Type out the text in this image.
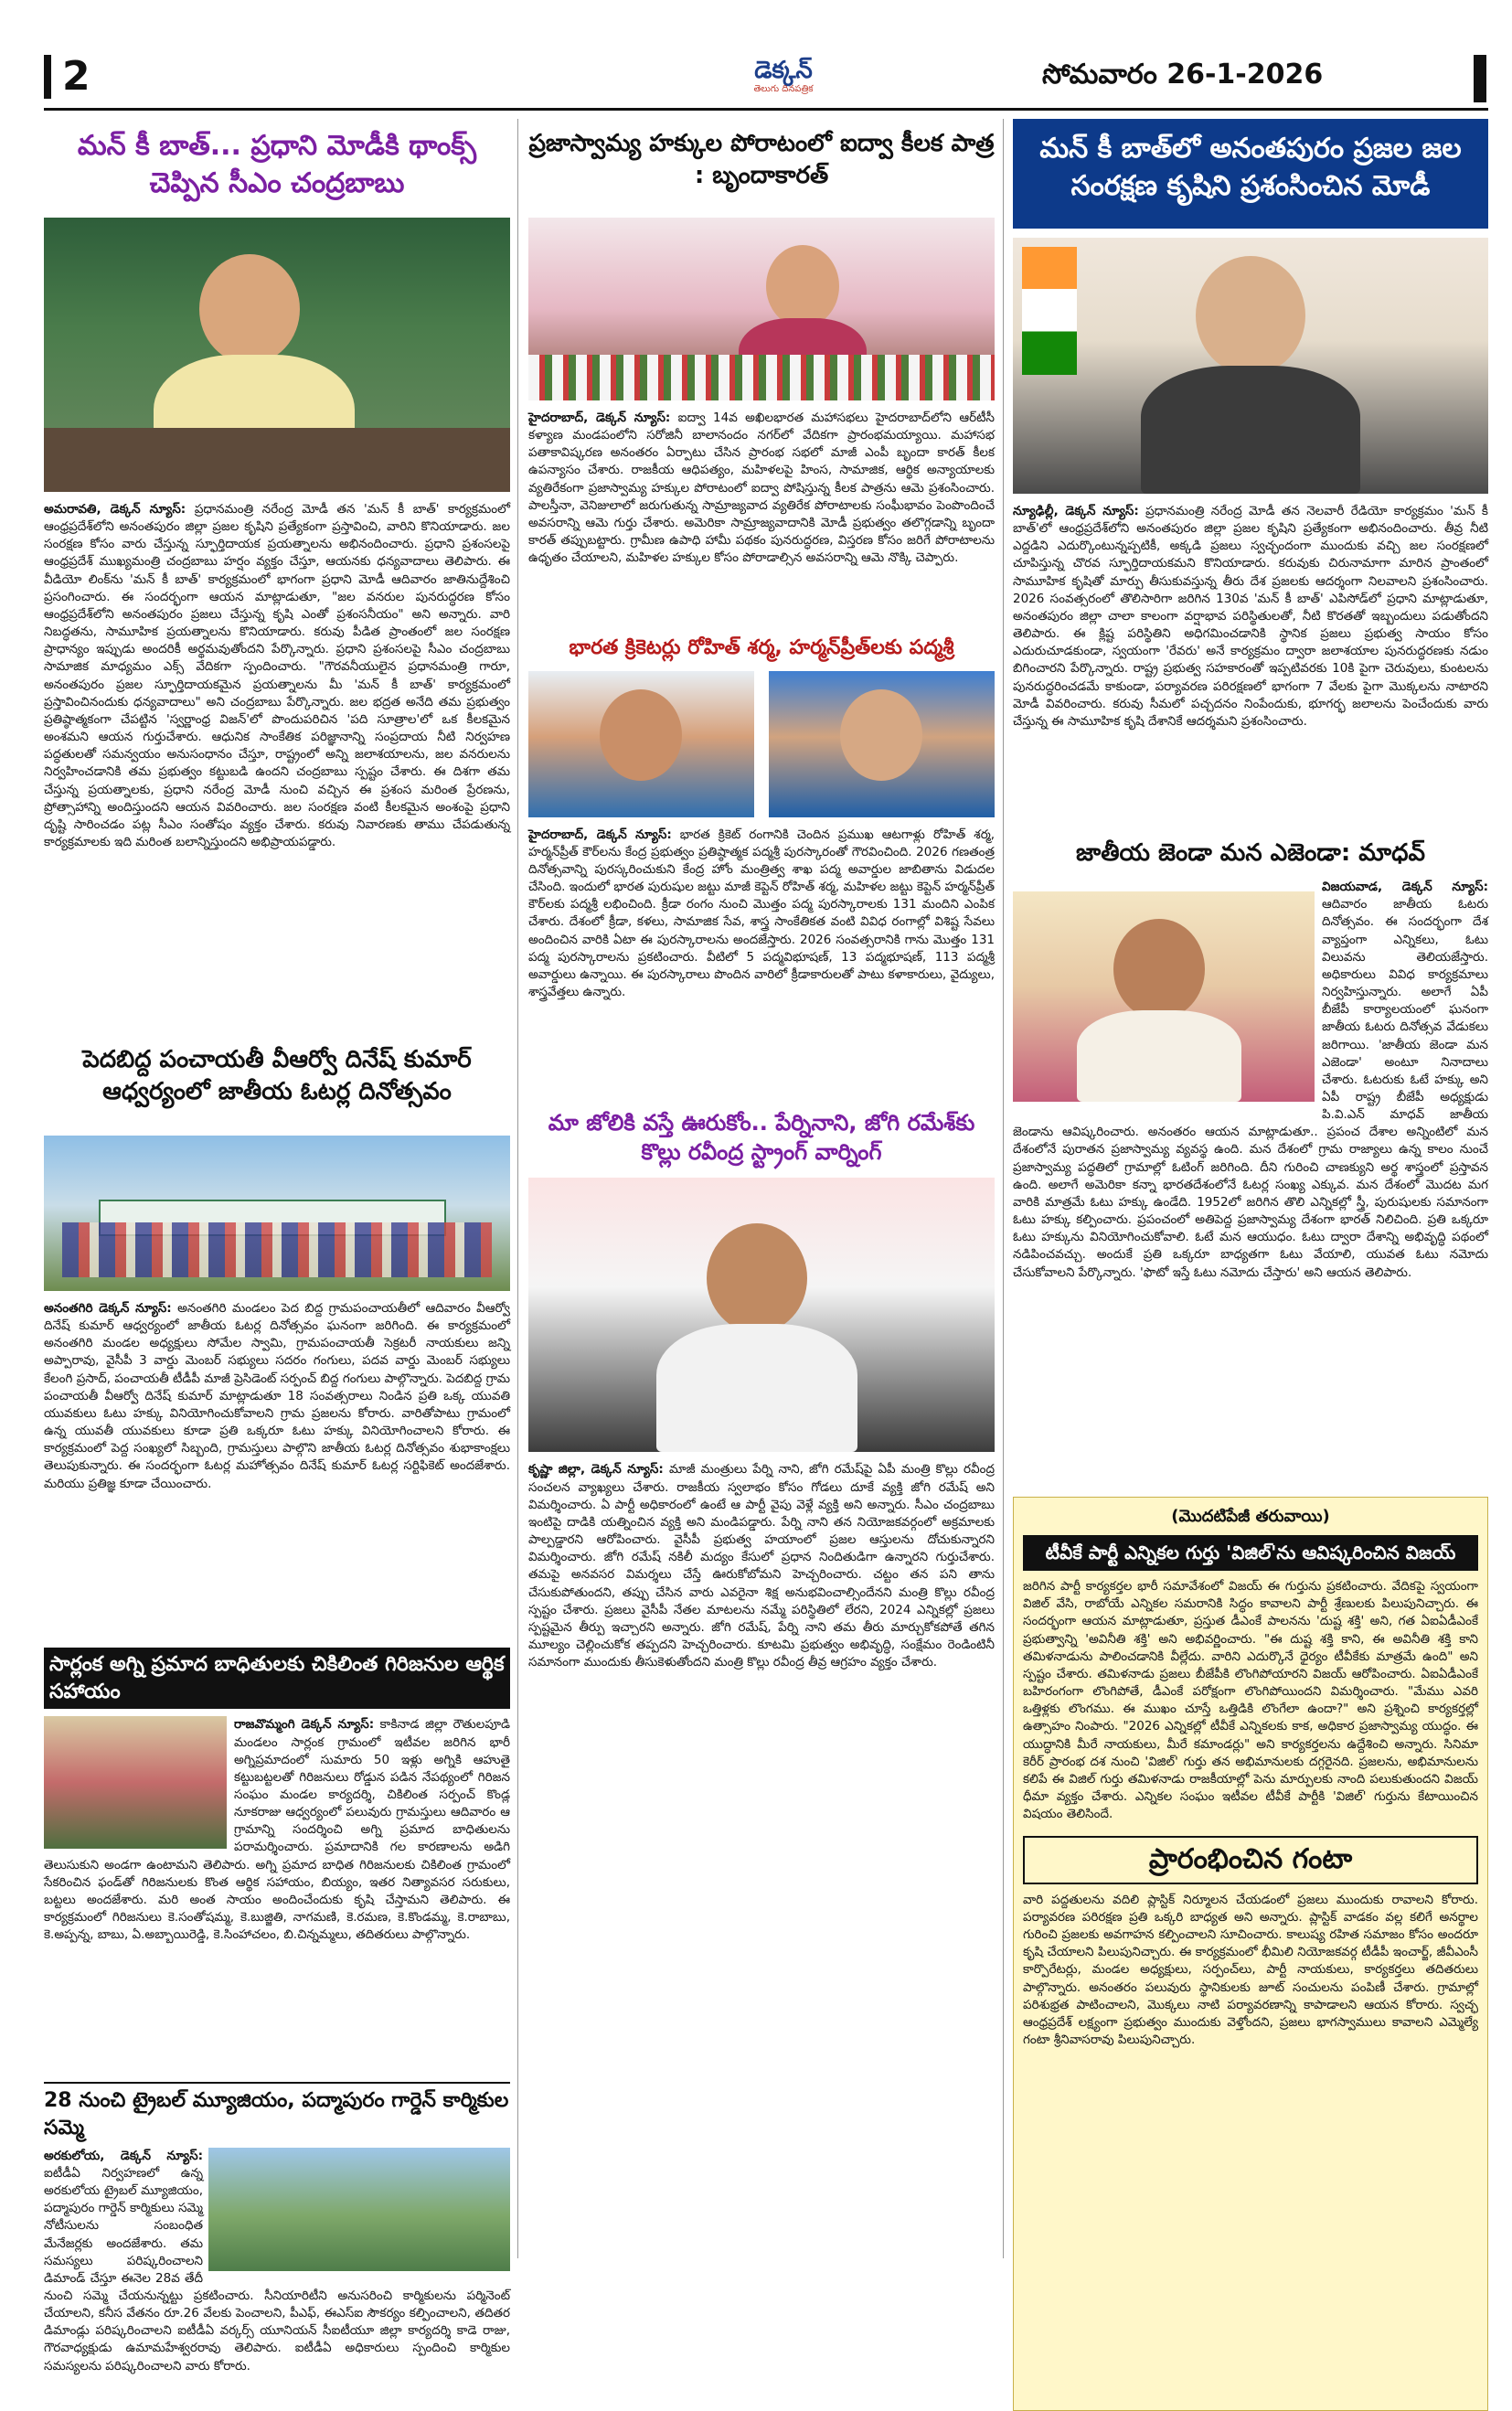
2	డెక్కన్
తెలుగు దినపత్రిక	సోమవారం 26-1-2026
మన్ కీ బాత్... ప్రధాని మోడీకి థాంక్స్ చెప్పిన సీఎం చంద్రబాబు
అమరావతి, డెక్కన్ న్యూస్: ప్రధానమంత్రి నరేంద్ర మోడీ తన 'మన్ కీ బాత్' కార్యక్రమంలో ఆంధ్రప్రదేశ్‌లోని అనంతపురం జిల్లా ప్రజల కృషిని ప్రత్యేకంగా ప్రస్తావించి, వారిని కొనియాడారు. జల సంరక్షణ కోసం వారు చేస్తున్న స్ఫూర్తిదాయక ప్రయత్నాలను అభినందించారు. ప్రధాని ప్రశంసలపై ఆంధ్రప్రదేశ్ ముఖ్యమంత్రి చంద్రబాబు హర్షం వ్యక్తం చేస్తూ, ఆయనకు ధన్యవాదాలు తెలిపారు. ఈ వీడియో లింక్‌ను 'మన్ కీ బాత్' కార్యక్రమంలో భాగంగా ప్రధాని మోడీ ఆదివారం జాతినుద్దేశించి ప్రసంగించారు. ఈ సందర్భంగా ఆయన మాట్లాడుతూ, "జల వనరుల పునరుద్ధరణ కోసం ఆంధ్రప్రదేశ్‌లోని అనంతపురం ప్రజలు చేస్తున్న కృషి ఎంతో ప్రశంసనీయం" అని అన్నారు. వారి నిబద్ధతను, సామూహిక ప్రయత్నాలను కొనియాడారు. కరువు పీడిత ప్రాంతంలో జల సంరక్షణ ప్రాధాన్యం ఇప్పుడు అందరికీ అర్థమవుతోందని పేర్కొన్నారు. ప్రధాని ప్రశంసలపై సీఎం చంద్రబాబు సామాజిక మాధ్యమం ఎక్స్ వేదికగా స్పందించారు. "గౌరవనీయులైన ప్రధానమంత్రి గారూ, అనంతపురం ప్రజల స్ఫూర్తిదాయకమైన ప్రయత్నాలను మీ 'మన్ కీ బాత్' కార్యక్రమంలో ప్రస్తావించినందుకు ధన్యవాదాలు" అని చంద్రబాబు పేర్కొన్నారు. జల భద్రత అనేది తమ ప్రభుత్వం ప్రతిష్ఠాత్మకంగా చేపట్టిన 'స్వర్ణాంధ్ర విజన్'లో పొందుపరిచిన 'పది సూత్రాల'లో ఒక కీలకమైన అంశమని ఆయన గుర్తుచేశారు. ఆధునిక సాంకేతిక పరిజ్ఞానాన్ని సంప్రదాయ నీటి నిర్వహణ పద్ధతులతో సమన్వయం అనుసంధానం చేస్తూ, రాష్ట్రంలో అన్ని జలాశయాలను, జల వనరులను నిర్వహించడానికి తమ ప్రభుత్వం కట్టుబడి ఉందని చంద్రబాబు స్పష్టం చేశారు. ఈ దిశగా తమ చేస్తున్న ప్రయత్నాలకు, ప్రధాని నరేంద్ర మోడీ నుంచి వచ్చిన ఈ ప్రశంస మరింత ప్రేరణను, ప్రోత్సాహాన్ని అందిస్తుందని ఆయన వివరించారు. జల సంరక్షణ వంటి కీలకమైన అంశంపై ప్రధాని దృష్టి సారించడం పట్ల సీఎం సంతోషం వ్యక్తం చేశారు. కరువు నివారణకు తాము చేపడుతున్న కార్యక్రమాలకు ఇది మరింత బలాన్నిస్తుందని అభిప్రాయపడ్డారు.
పెదబిద్ద పంచాయతీ వీఆర్వో దినేష్ కుమార్ ఆధ్వర్యంలో జాతీయ ఓటర్ల దినోత్సవం
అనంతగిరి డెక్కన్ న్యూస్: అనంతగిరి మండలం పెద బిద్ద గ్రామపంచాయతీలో ఆదివారం వీఆర్వో దినేష్ కుమార్ ఆధ్వర్యంలో జాతీయ ఓటర్ల దినోత్సవం ఘనంగా జరిగింది. ఈ కార్యక్రమంలో అనంతగిరి మండల అధ్యక్షులు సోమేల స్వామి, గ్రామపంచాయతీ సెక్రటరీ నాయకులు జన్ని అప్పారావు, వైసీపీ 3 వార్డు మెంబర్ సభ్యులు సదరం గంగులు, పదవ వార్డు మెంబర్ సభ్యులు కేలంగి ప్రసాద్, పంచాయతీ టీడీపీ మాజీ ప్రెసిడెంట్ సర్పంచ్ బిద్ద గంగులు పాల్గొన్నారు. పెదబిద్ద గ్రామ పంచాయతీ వీఆర్వో దినేష్ కుమార్ మాట్లాడుతూ 18 సంవత్సరాలు నిండిన ప్రతి ఒక్క యువతి యువకులు ఓటు హక్కు వినియోగించుకోవాలని గ్రామ ప్రజలను కోరారు. వారితోపాటు గ్రామంలో ఉన్న యువతీ యువకులు కూడా ప్రతి ఒక్కరూ ఓటు హక్కు వినియోగించాలని కోరారు. ఈ కార్యక్రమంలో పెద్ద సంఖ్యలో సిబ్బంది, గ్రామస్తులు పాల్గొని జాతీయ ఓటర్ల దినోత్సవం శుభాకాంక్షలు తెలుపుకున్నారు. ఈ సందర్భంగా ఓటర్ల మహోత్సవం దినేష్ కుమార్ ఓటర్ల సర్టిఫికెట్ అందజేశారు. మరియు ప్రతిజ్ఞ కూడా చేయించారు.
సార్లంక అగ్ని ప్రమాద బాధితులకు చికిలింత గిరిజనుల ఆర్థిక సహాయం
రాజవొమ్మంగి డెక్కన్ న్యూస్: కాకినాడ జిల్లా రౌతులపూడి మండలం సార్లంక గ్రామంలో ఇటీవల జరిగిన భారీ అగ్నిప్రమాదంలో సుమారు 50 ఇళ్లు అగ్నికి ఆహుతై కట్టుబట్టలతో గిరిజనులు రోడ్డున పడిన నేపథ్యంలో గిరిజన సంఘం మండల కార్యదర్శి, చికిలింత సర్పంచ్ కొండ్ల నూకరాజు ఆధ్వర్యంలో పలువురు గ్రామస్తులు ఆదివారం ఆ గ్రామాన్ని సందర్శించి అగ్ని ప్రమాద బాధితులను పరామర్శించారు. ప్రమాదానికి గల కారణాలను అడిగి తెలుసుకుని అండగా ఉంటామని తెలిపారు. అగ్ని ప్రమాద బాధిత గిరిజనులకు చికిలింత గ్రామంలో సేకరించిన ఫండ్‌తో గిరిజనులకు కొంత ఆర్థిక సహాయం, బియ్యం, ఇతర నిత్యావసర సరుకులు, బట్టలు అందజేశారు. మరి అంత సాయం అందించేందుకు కృషి చేస్తామని తెలిపారు. ఈ కార్యక్రమంలో గిరిజనులు కె.సంతోషమ్మ, కె.బుజ్జితి, నాగమణి, కె.రమణ, కె.కొండమ్మ, కె.రాబాబు, కె.అప్పన్న, బాబు, ఏ.అబ్బాయిరెడ్డి, కె.సింహాచలం, బి.చిన్నమ్మలు, తదితరులు పాల్గొన్నారు.
28 నుంచి ట్రైబల్ మ్యూజియం, పద్మాపురం గార్డెన్ కార్మికుల సమ్మె
అరకులోయ, డెక్కన్ న్యూస్: ఐటీడీఏ నిర్వహణలో ఉన్న అరకులోయ ట్రైబల్ మ్యూజియం, పద్మాపురం గార్డెన్ కార్మికులు సమ్మె నోటీసులను సంబంధిత మేనేజర్లకు అందజేశారు. తమ సమస్యలు పరిష్కరించాలని డిమాండ్ చేస్తూ ఈనెల 28వ తేదీ నుంచి సమ్మె చేయనున్నట్టు ప్రకటించారు. సీనియారిటీని అనుసరించి కార్మికులను పర్మినెంట్ చేయాలని, కనీస వేతనం రూ.26 వేలకు పెంచాలని, పీఎఫ్, ఈఎస్ఐ సౌకర్యం కల్పించాలని, తదితర డిమాండ్లు పరిష్కరించాలని ఐటీడీఏ వర్కర్స్ యూనియన్ సీఐటీయూ జిల్లా కార్యదర్శి కాడె రాజు, గౌరవాధ్యక్షుడు ఉమామహేశ్వరరావు తెలిపారు. ఐటీడీఏ అధికారులు స్పందించి కార్మికుల సమస్యలను పరిష్కరించాలని వారు కోరారు.
ప్రజాస్వామ్య హక్కుల పోరాటంలో ఐద్వా కీలక పాత్ర : బృందాకారత్
హైదరాబాద్, డెక్కన్ న్యూస్: ఐద్వా 14వ అఖిలభారత మహాసభలు హైదరాబాద్‌లోని ఆర్‌టీసీ కళ్యాణ మండపంలోని సరోజినీ బాలానందం నగర్‌లో వేదికగా ప్రారంభమయ్యాయి. మహాసభ పతాకావిష్కరణ అనంతరం ఏర్పాటు చేసిన ప్రారంభ సభలో మాజీ ఎంపీ బృందా కారత్ కీలక ఉపన్యాసం చేశారు. రాజకీయ ఆధిపత్యం, మహిళలపై హింస, సామాజిక, ఆర్థిక అన్యాయాలకు వ్యతిరేకంగా ప్రజాస్వామ్య హక్కుల పోరాటంలో ఐద్వా పోషిస్తున్న కీలక పాత్రను ఆమె ప్రశంసించారు. పాలస్తీనా, వెనిజులాలో జరుగుతున్న సామ్రాజ్యవాద వ్యతిరేక పోరాటాలకు సంఘీభావం పెంపొందించే అవసరాన్ని ఆమె గుర్తు చేశారు. అమెరికా సామ్రాజ్యవాదానికి మోడీ ప్రభుత్వం తలొగ్గడాన్ని బృందా కారత్ తప్పుబట్టారు. గ్రామీణ ఉపాధి హామీ పథకం పునరుద్ధరణ, విస్తరణ కోసం జరిగే పోరాటాలను ఉధృతం చేయాలని, మహిళల హక్కుల కోసం పోరాడాల్సిన అవసరాన్ని ఆమె నొక్కి చెప్పారు.
భారత క్రికెటర్లు రోహిత్ శర్మ, హర్మన్‌ప్రీత్‌లకు పద్మశ్రీ
హైదరాబాద్, డెక్కన్ న్యూస్: భారత క్రికెట్ రంగానికి చెందిన ప్రముఖ ఆటగాళ్లు రోహిత్ శర్మ, హర్మన్‌ప్రీత్ కౌర్‌లను కేంద్ర ప్రభుత్వం ప్రతిష్ఠాత్మక పద్మశ్రీ పురస్కారంతో గౌరవించింది. 2026 గణతంత్ర దినోత్సవాన్ని పురస్కరించుకుని కేంద్ర హోం మంత్రిత్వ శాఖ పద్మ అవార్డుల జాబితాను విడుదల చేసింది. ఇందులో భారత పురుషుల జట్టు మాజీ కెప్టెన్ రోహిత్ శర్మ, మహిళల జట్టు కెప్టెన్ హర్మన్‌ప్రీత్ కౌర్‌లకు పద్మశ్రీ లభించింది. క్రీడా రంగం నుంచి మొత్తం పద్మ పురస్కారాలకు 131 మందిని ఎంపిక చేశారు. దేశంలో క్రీడా, కళలు, సామాజిక సేవ, శాస్త్ర సాంకేతికత వంటి వివిధ రంగాల్లో విశిష్ట సేవలు అందించిన వారికి ఏటా ఈ పురస్కారాలను అందజేస్తారు. 2026 సంవత్సరానికి గాను మొత్తం 131 పద్మ పురస్కారాలను ప్రకటించారు. వీటిలో 5 పద్మవిభూషణ్, 13 పద్మభూషణ్, 113 పద్మశ్రీ అవార్డులు ఉన్నాయి. ఈ పురస్కారాలు పొందిన వారిలో క్రీడాకారులతో పాటు కళాకారులు, వైద్యులు, శాస్త్రవేత్తలు ఉన్నారు.
మా జోలికి వస్తే ఊరుకోం.. పేర్నినాని, జోగి రమేశ్‌కు కొల్లు రవీంద్ర స్ట్రాంగ్ వార్నింగ్
కృష్ణా జిల్లా, డెక్కన్ న్యూస్: మాజీ మంత్రులు పేర్ని నాని, జోగి రమేష్‌పై ఏపీ మంత్రి కొల్లు రవీంద్ర సంచలన వ్యాఖ్యలు చేశారు. రాజకీయ స్వలాభం కోసం గోడలు దూకే వ్యక్తి జోగి రమేష్ అని విమర్శించారు. ఏ పార్టీ అధికారంలో ఉంటే ఆ పార్టీ వైపు వెళ్లే వ్యక్తి అని అన్నారు. సీఎం చంద్రబాబు ఇంటిపై దాడికి యత్నించిన వ్యక్తి అని మండిపడ్డారు. పేర్ని నాని తన నియోజకవర్గంలో అక్రమాలకు పాల్పడ్డారని ఆరోపించారు. వైసీపీ ప్రభుత్వ హయాంలో ప్రజల ఆస్తులను దోచుకున్నారని విమర్శించారు. జోగి రమేష్ నకిలీ మద్యం కేసులో ప్రధాన నిందితుడిగా ఉన్నారని గుర్తుచేశారు. తమపై అనవసర విమర్శలు చేస్తే ఊరుకోబోమని హెచ్చరించారు. చట్టం తన పని తాను చేసుకుపోతుందని, తప్పు చేసిన వారు ఎవరైనా శిక్ష అనుభవించాల్సిందేనని మంత్రి కొల్లు రవీంద్ర స్పష్టం చేశారు. ప్రజలు వైసీపీ నేతల మాటలను నమ్మే పరిస్థితిలో లేరని, 2024 ఎన్నికల్లో ప్రజలు స్పష్టమైన తీర్పు ఇచ్చారని అన్నారు. జోగి రమేష్, పేర్ని నాని తమ తీరు మార్చుకోకపోతే తగిన మూల్యం చెల్లించుకోక తప్పదని హెచ్చరించారు. కూటమి ప్రభుత్వం అభివృద్ధి, సంక్షేమం రెండింటినీ సమానంగా ముందుకు తీసుకెళుతోందని మంత్రి కొల్లు రవీంద్ర తీవ్ర ఆగ్రహం వ్యక్తం చేశారు.
మన్ కీ బాత్‌లో అనంతపురం ప్రజల జల సంరక్షణ కృషిని ప్రశంసించిన మోడీ
న్యూఢిల్లీ, డెక్కన్ న్యూస్: ప్రధానమంత్రి నరేంద్ర మోడీ తన నెలవారీ రేడియో కార్యక్రమం 'మన్ కీ బాత్'లో ఆంధ్రప్రదేశ్‌లోని అనంతపురం జిల్లా ప్రజల కృషిని ప్రత్యేకంగా అభినందించారు. తీవ్ర నీటి ఎద్దడిని ఎదుర్కొంటున్నప్పటికీ, అక్కడి ప్రజలు స్వచ్ఛందంగా ముందుకు వచ్చి జల సంరక్షణలో చూపిస్తున్న చొరవ స్ఫూర్తిదాయకమని కొనియాడారు. కరువుకు చిరునామాగా మారిన ప్రాంతంలో సామూహిక కృషితో మార్పు తీసుకువస్తున్న తీరు దేశ ప్రజలకు ఆదర్శంగా నిలవాలని ప్రశంసించారు. 2026 సంవత్సరంలో తొలిసారిగా జరిగిన 130వ 'మన్ కీ బాత్' ఎపిసోడ్‌లో ప్రధాని మాట్లాడుతూ, అనంతపురం జిల్లా చాలా కాలంగా వర్షాభావ పరిస్థితులతో, నీటి కొరతతో ఇబ్బందులు పడుతోందని తెలిపారు. ఈ క్లిష్ట పరిస్థితిని అధిగమించడానికి స్థానిక ప్రజలు ప్రభుత్వ సాయం కోసం ఎదురుచూడకుండా, స్వయంగా 'రేవరు' అనే కార్యక్రమం ద్వారా జలాశయాల పునరుద్ధరణకు నడుం బిగించారని పేర్కొన్నారు. రాష్ట్ర ప్రభుత్వ సహకారంతో ఇప్పటివరకు 10కి పైగా చెరువులు, కుంటలను పునరుద్ధరించడమే కాకుండా, పర్యావరణ పరిరక్షణలో భాగంగా 7 వేలకు పైగా మొక్కలను నాటారని మోడీ వివరించారు. కరువు సీమలో పచ్చదనం నింపేందుకు, భూగర్భ జలాలను పెంచేందుకు వారు చేస్తున్న ఈ సామూహిక కృషి దేశానికే ఆదర్శమని ప్రశంసించారు.
జాతీయ జెండా మన ఎజెండా: మాధవ్
విజయవాడ, డెక్కన్ న్యూస్: ఆదివారం జాతీయ ఓటరు దినోత్సవం. ఈ సందర్భంగా దేశ వ్యాప్తంగా ఎన్నికలు, ఓటు విలువను తెలియజేస్తారు. అధికారులు వివిధ కార్యక్రమాలు నిర్వహిస్తున్నారు. అలాగే ఏపీ బీజేపీ కార్యాలయంలో ఘనంగా జాతీయ ఓటరు దినోత్సవ వేడుకలు జరిగాయి. 'జాతీయ జెండా మన ఎజెండా' అంటూ నినాదాలు చేశారు. ఓటరుకు ఓటే హక్కు అని ఏపీ రాష్ట్ర బీజేపీ అధ్యక్షుడు పి.వి.ఎన్ మాధవ్ జాతీయ జెండాను ఆవిష్కరించారు. అనంతరం ఆయన మాట్లాడుతూ.. ప్రపంచ దేశాల అన్నింటిలో మన దేశంలోనే పురాతన ప్రజాస్వామ్య వ్యవస్థ ఉంది. మన దేశంలో గ్రామ రాజ్యాలు ఉన్న కాలం నుంచే ప్రజాస్వామ్య పద్ధతిలో గ్రామాల్లో ఓటింగ్ జరిగింది. దీని గురించి చాణక్యుని అర్థ శాస్త్రంలో ప్రస్తావన ఉంది. అలాగే అమెరికా కన్నా భారతదేశంలోనే ఓటర్ల సంఖ్య ఎక్కువ. మన దేశంలో మొదట మగ వారికి మాత్రమే ఓటు హక్కు ఉండేది. 1952లో జరిగిన తొలి ఎన్నికల్లో స్త్రీ, పురుషులకు సమానంగా ఓటు హక్కు కల్పించారు. ప్రపంచంలో అతిపెద్ద ప్రజాస్వామ్య దేశంగా భారత్ నిలిచింది. ప్రతి ఒక్కరూ ఓటు హక్కును వినియోగించుకోవాలి. ఓటే మన ఆయుధం. ఓటు ద్వారా దేశాన్ని అభివృద్ధి పథంలో నడిపించవచ్చు. అందుకే ప్రతి ఒక్కరూ బాధ్యతగా ఓటు వేయాలి, యువత ఓటు నమోదు చేసుకోవాలని పేర్కొన్నారు. 'ఫొటో ఇస్తే ఓటు నమోదు చేస్తారు' అని ఆయన తెలిపారు.
(మొదటిపేజీ తరువాయి)
టీవీకే పార్టీ ఎన్నికల గుర్తు 'విజిల్'ను ఆవిష్కరించిన విజయ్
జరిగిన పార్టీ కార్యకర్తల భారీ సమావేశంలో విజయ్ ఈ గుర్తును ప్రకటించారు. వేదికపై స్వయంగా విజిల్ వేసి, రాబోయే ఎన్నికల సమరానికి సిద్ధం కావాలని పార్టీ శ్రేణులకు పిలుపునిచ్చారు. ఈ సందర్భంగా ఆయన మాట్లాడుతూ, ప్రస్తుత డీఎంకే పాలనను 'దుష్ట శక్తి' అని, గత ఏఐఏడీఎంకే ప్రభుత్వాన్ని 'అవినీతి శక్తి' అని అభివర్ణించారు. "ఈ దుష్ట శక్తి కాని, ఈ అవినీతి శక్తి కాని తమిళనాడును పాలించడానికి వీల్లేదు. వారిని ఎదుర్కొనే ధైర్యం టీవీకేకు మాత్రమే ఉంది" అని స్పష్టం చేశారు. తమిళనాడు ప్రజలు బీజేపీకి లొంగిపోయారని విజయ్ ఆరోపించారు. ఏఐఏడీఎంకే బహిరంగంగా లొంగిపోతే, డీఎంకే పరోక్షంగా లొంగిపోయిందని విమర్శించారు. "మేము ఎవరి ఒత్తిళ్లకు లొంగము. ఈ ముఖం చూస్తే ఒత్తిడికి లొంగేలా ఉందా?" అని ప్రశ్నించి కార్యకర్తల్లో ఉత్సాహం నింపారు. "2026 ఎన్నికల్లో టీవీకే ఎన్నికలకు కాక, అధికార ప్రజాస్వామ్య యుద్ధం. ఈ యుద్ధానికి మీరే నాయకులు, మీరే కమాండర్లు" అని కార్యకర్తలను ఉద్దేశించి అన్నారు. సినిమా కెరీర్ ప్రారంభ దశ నుంచి 'విజిల్' గుర్తు తన అభిమానులకు దగ్గరైనది. ప్రజలను, అభిమానులను కలిపే ఈ విజిల్ గుర్తు తమిళనాడు రాజకీయాల్లో పెను మార్పులకు నాంది పలుకుతుందని విజయ్ ధీమా వ్యక్తం చేశారు. ఎన్నికల సంఘం ఇటీవల టీవీకే పార్టీకి 'విజిల్' గుర్తును కేటాయించిన విషయం తెలిసిందే.
ప్రారంభించిన గంటా
వారి పద్దతులను వదిలి ప్లాస్టిక్ నిర్మూలన చేయడంలో ప్రజలు ముందుకు రావాలని కోరారు. పర్యావరణ పరిరక్షణ ప్రతి ఒక్కరి బాధ్యత అని అన్నారు. ప్లాస్టిక్ వాడకం వల్ల కలిగే అనర్థాల గురించి ప్రజలకు అవగాహన కల్పించాలని సూచించారు. కాలుష్య రహిత సమాజం కోసం అందరూ కృషి చేయాలని పిలుపునిచ్చారు. ఈ కార్యక్రమంలో భీమిలి నియోజకవర్గ టీడీపీ ఇంచార్జ్, జీవీఎంసీ కార్పొరేటర్లు, మండల అధ్యక్షులు, సర్పంచ్‌లు, పార్టీ నాయకులు, కార్యకర్తలు తదితరులు పాల్గొన్నారు. అనంతరం పలువురు స్థానికులకు జూట్ సంచులను పంపిణీ చేశారు. గ్రామాల్లో పరిశుభ్రత పాటించాలని, మొక్కలు నాటి పర్యావరణాన్ని కాపాడాలని ఆయన కోరారు. స్వచ్ఛ ఆంధ్రప్రదేశ్ లక్ష్యంగా ప్రభుత్వం ముందుకు వెళ్తోందని, ప్రజలు భాగస్వాములు కావాలని ఎమ్మెల్యే గంటా శ్రీనివాసరావు పిలుపునిచ్చారు.
